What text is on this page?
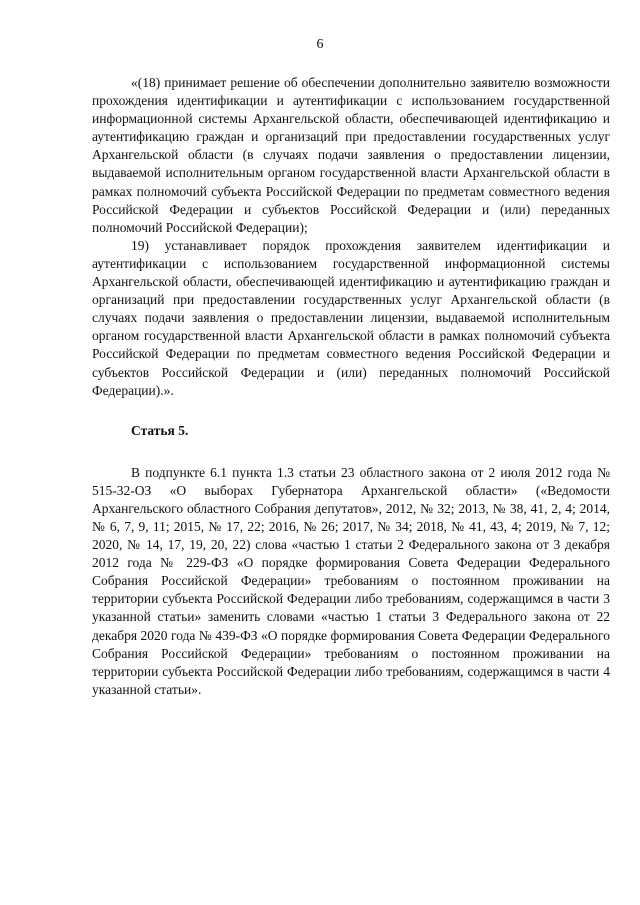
6

«(18) принимает решение об обеспечении дополнительно заявителю возможности прохождения идентификации и аутентификации с использованием государственной информационной системы Архангельской области, обеспечивающей идентификацию и аутентификацию граждан и организаций при предоставлении государственных услуг Архангельской области (в случаях подачи заявления о предоставлении лицензии, выдаваемой исполнительным органом государственной власти Архангельской области в рамках полномочий субъекта Российской Федерации по предметам совместного ведения Российской Федерации и субъектов Российской Федерации и (или) переданных полномочий Российской Федерации);

19) устанавливает порядок прохождения заявителем идентификации и аутентификации с использованием государственной информационной системы Архангельской области, обеспечивающей идентификацию и аутентификацию граждан и организаций при предоставлении государственных услуг Архангельской области (в случаях подачи заявления о предоставлении лицензии, выдаваемой исполнительным органом государственной власти Архангельской области в рамках полномочий субъекта Российской Федерации по предметам совместного ведения Российской Федерации и субъектов Российской Федерации и (или) переданных полномочий Российской Федерации).».

Статья 5.

В подпункте 6.1 пункта 1.3 статьи 23 областного закона от 2 июля 2012 года № 515-32-ОЗ «О выборах Губернатора Архангельской области» («Ведомости Архангельского областного Собрания депутатов», 2012, № 32; 2013, № 38, 41, 2, 4; 2014, № 6, 7, 9, 11; 2015, № 17, 22; 2016, № 26; 2017, № 34; 2018, № 41, 43, 4; 2019, № 7, 12; 2020, № 14, 17, 19, 20, 22) слова «частью 1 статьи 2 Федерального закона от 3 декабря 2012 года № 229-ФЗ «О порядке формирования Совета Федерации Федерального Собрания Российской Федерации» требованиям о постоянном проживании на территории субъекта Российской Федерации либо требованиям, содержащимся в части 3 указанной статьи» заменить словами «частью 1 статьи 3 Федерального закона от 22 декабря 2020 года № 439-ФЗ «О порядке формирования Совета Федерации Федерального Собрания Российской Федерации» требованиям о постоянном проживании на территории субъекта Российской Федерации либо требованиям, содержащимся в части 4 указанной статьи».
